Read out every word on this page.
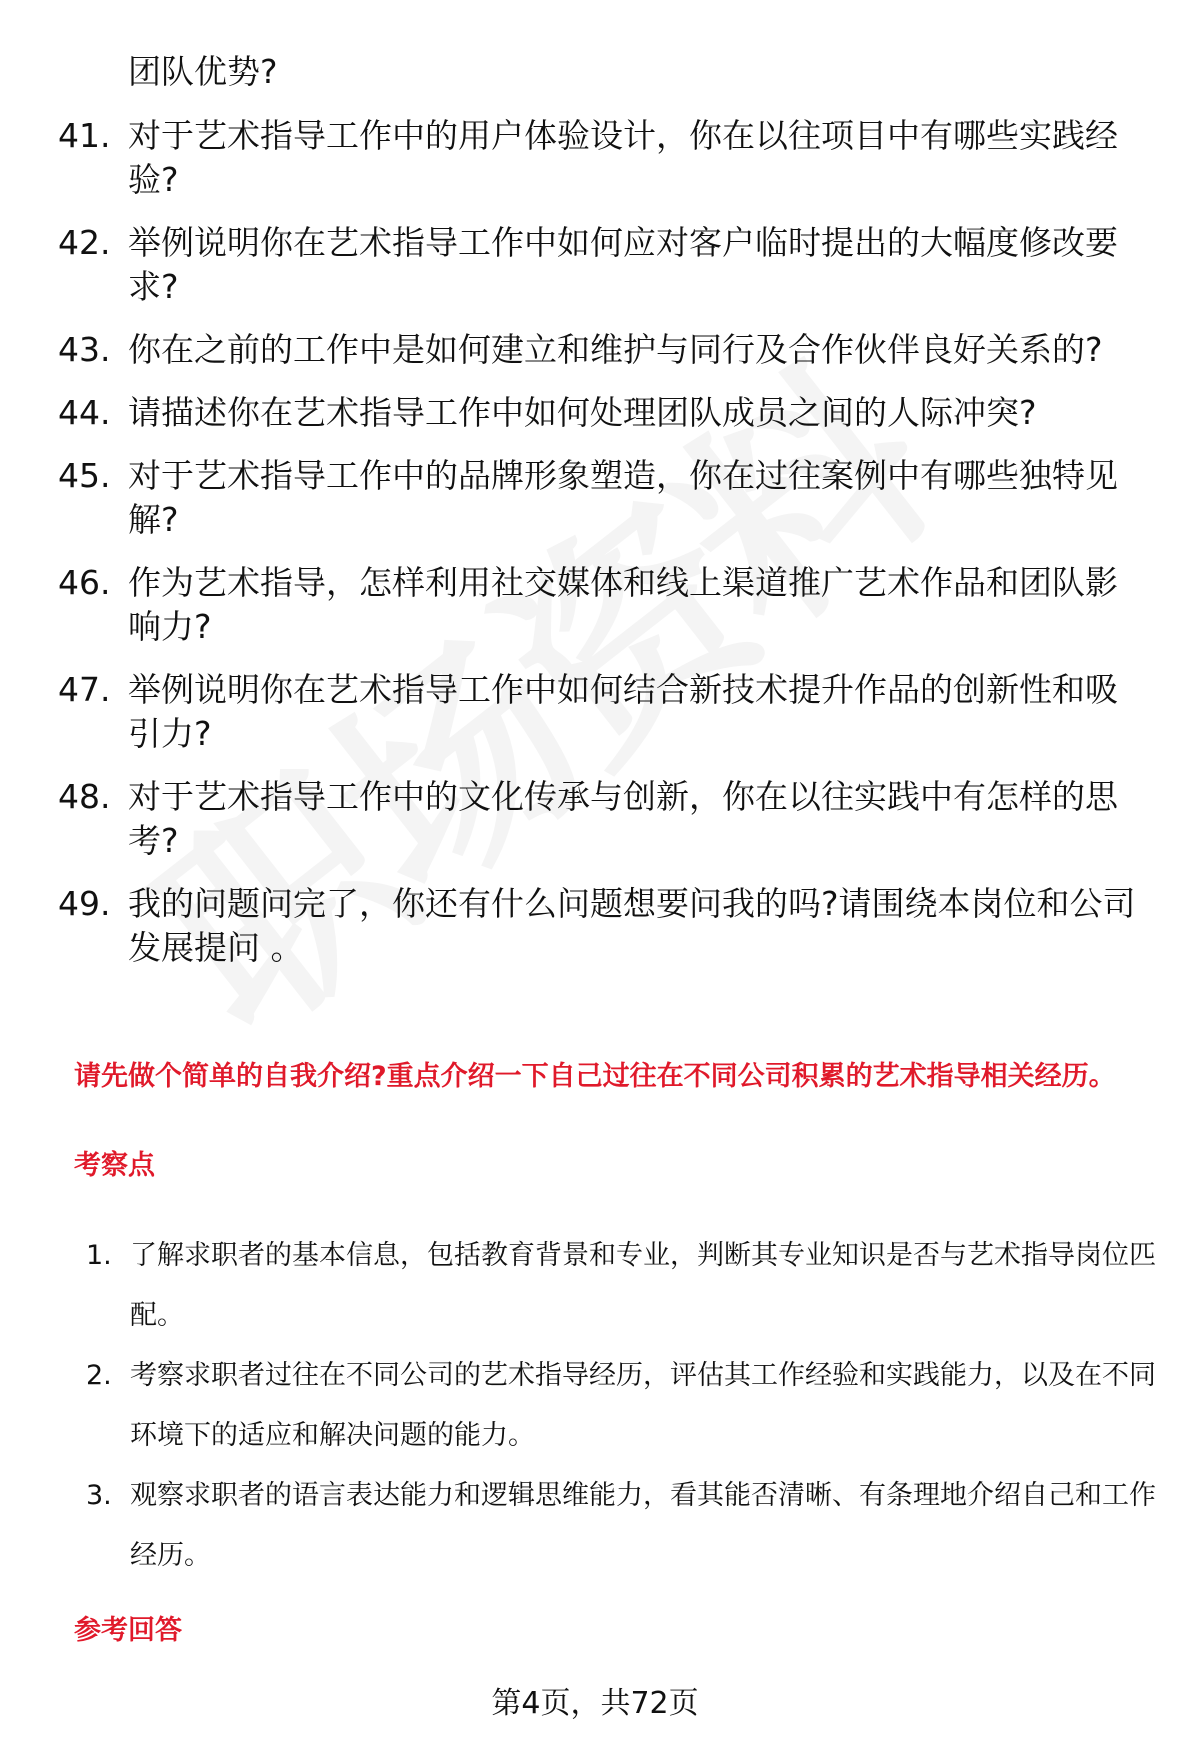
团队优势?
41. 对于艺术指导工作中的用户体验设计，你在以往项目中有哪些实践经验?
42. 举例说明你在艺术指导工作中如何应对客户临时提出的大幅度修改要求?
43. 你在之前的工作中是如何建立和维护与同行及合作伙伴良好关系的?
44. 请描述你在艺术指导工作中如何处理团队成员之间的人际冲突?
45. 对于艺术指导工作中的品牌形象塑造，你在过往案例中有哪些独特见解?
46. 作为艺术指导，怎样利用社交媒体和线上渠道推广艺术作品和团队影响力?
47. 举例说明你在艺术指导工作中如何结合新技术提升作品的创新性和吸引力?
48. 对于艺术指导工作中的文化传承与创新，你在以往实践中有怎样的思考?
49. 我的问题问完了，你还有什么问题想要问我的吗?请围绕本岗位和公司发展提问 。
请先做个简单的自我介绍?重点介绍一下自己过往在不同公司积累的艺术指导相关经历。
考察点
1. 了解求职者的基本信息，包括教育背景和专业，判断其专业知识是否与艺术指导岗位匹配。
2. 考察求职者过往在不同公司的艺术指导经历，评估其工作经验和实践能力，以及在不同环境下的适应和解决问题的能力。
3. 观察求职者的语言表达能力和逻辑思维能力，看其能否清晰、有条理地介绍自己和工作经历。
参考回答
第4页，共72页
